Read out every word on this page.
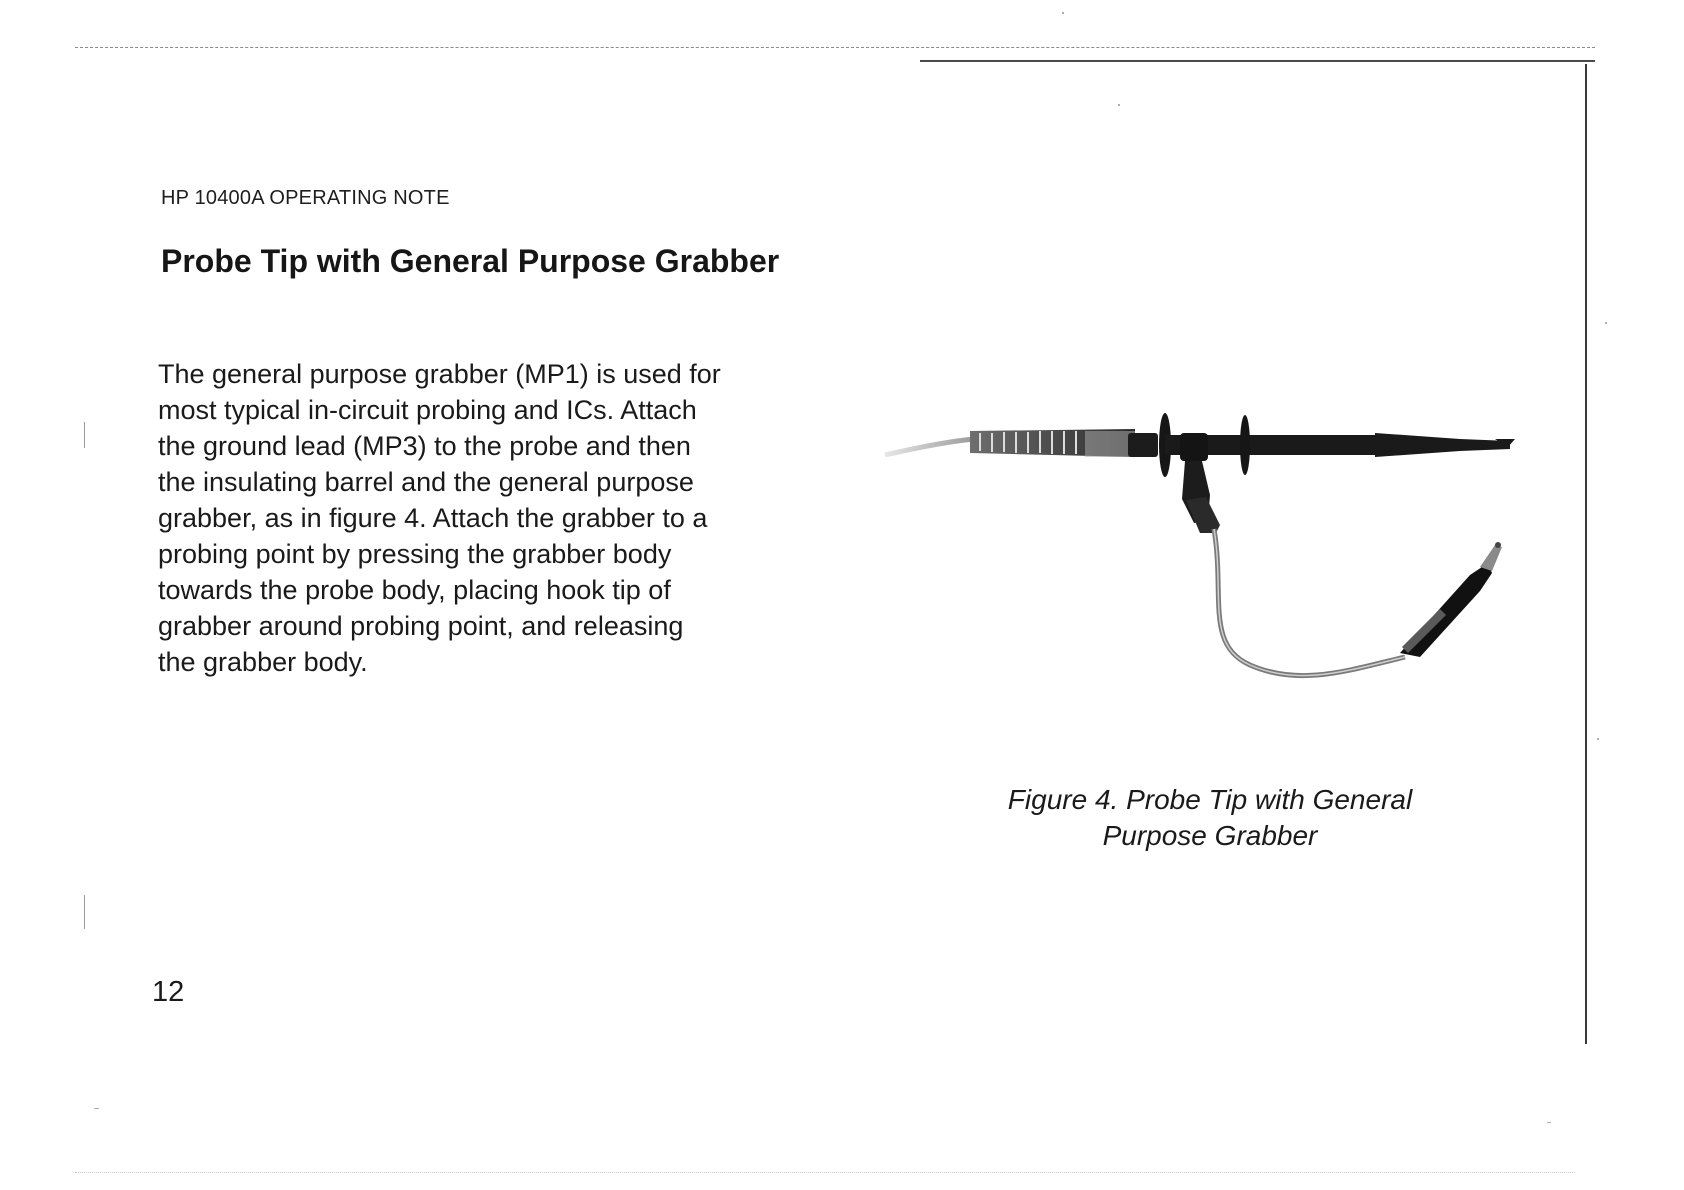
HP 10400A OPERATING NOTE
Probe Tip with General Purpose Grabber

The general purpose grabber (MP1) is used for
most typical in-circuit probing and ICs. Attach
the ground lead (MP3) to the probe and then
the insulating barrel and the general purpose
grabber, as in figure 4. Attach the grabber to a
probing point by pressing the grabber body
towards the probe body, placing hook tip of
grabber around probing point, and releasing
the grabber body.

Figure 4. Probe Tip with General
Purpose Grabber

12
